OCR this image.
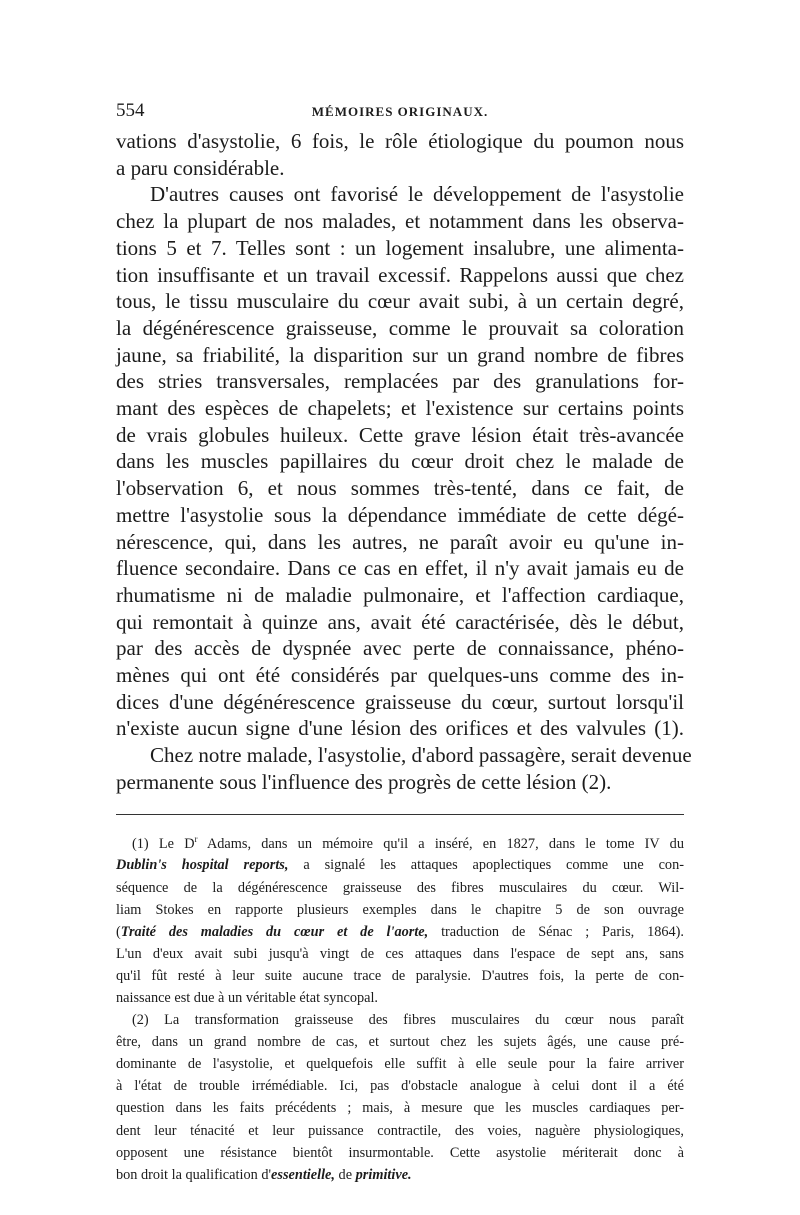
554	MÉMOIRES ORIGINAUX.
vations d'asystolie, 6 fois, le rôle étiologique du poumon nous
a paru considérable.
D'autres causes ont favorisé le développement de l'asystolie
chez la plupart de nos malades, et notamment dans les observa-
tions 5 et 7. Telles sont : un logement insalubre, une alimenta-
tion insuffisante et un travail excessif. Rappelons aussi que chez
tous, le tissu musculaire du cœur avait subi, à un certain degré,
la dégénérescence graisseuse, comme le prouvait sa coloration
jaune, sa friabilité, la disparition sur un grand nombre de fibres
des stries transversales, remplacées par des granulations for-
mant des espèces de chapelets; et l'existence sur certains points
de vrais globules huileux. Cette grave lésion était très-avancée
dans les muscles papillaires du cœur droit chez le malade de
l'observation 6, et nous sommes très-tenté, dans ce fait, de
mettre l'asystolie sous la dépendance immédiate de cette dégé-
nérescence, qui, dans les autres, ne paraît avoir eu qu'une in-
fluence secondaire. Dans ce cas en effet, il n'y avait jamais eu de
rhumatisme ni de maladie pulmonaire, et l'affection cardiaque,
qui remontait à quinze ans, avait été caractérisée, dès le début,
par des accès de dyspnée avec perte de connaissance, phéno-
mènes qui ont été considérés par quelques-uns comme des in-
dices d'une dégénérescence graisseuse du cœur, surtout lorsqu'il
n'existe aucun signe d'une lésion des orifices et des valvules (1).
Chez notre malade, l'asystolie, d'abord passagère, serait devenue
permanente sous l'influence des progrès de cette lésion (2).
(1) Le $D^r$ Adams, dans un mémoire qu'il a inséré, en 1827, dans le tome IV du
Dublin's hospital reports, a signalé les attaques apoplectiques comme une con-
séquence de la dégénérescence graisseuse des fibres musculaires du cœur. Wil-
liam Stokes en rapporte plusieurs exemples dans le chapitre 5 de son ouvrage
(Traité des maladies du cœur et de l'aorte, traduction de Sénac ; Paris, 1864).
L'un d'eux avait subi jusqu'à vingt de ces attaques dans l'espace de sept ans, sans
qu'il fût resté à leur suite aucune trace de paralysie. D'autres fois, la perte de con-
naissance est due à un véritable état syncopal.
(2) La transformation graisseuse des fibres musculaires du cœur nous paraît
être, dans un grand nombre de cas, et surtout chez les sujets âgés, une cause pré-
dominante de l'asystolie, et quelquefois elle suffit à elle seule pour la faire arriver
à l'état de trouble irrémédiable. Ici, pas d'obstacle analogue à celui dont il a été
question dans les faits précédents ; mais, à mesure que les muscles cardiaques per-
dent leur ténacité et leur puissance contractile, des voies, naguère physiologiques,
opposent une résistance bientôt insurmontable. Cette asystolie mériterait donc à
bon droit la qualification d'essentielle, de primitive.
